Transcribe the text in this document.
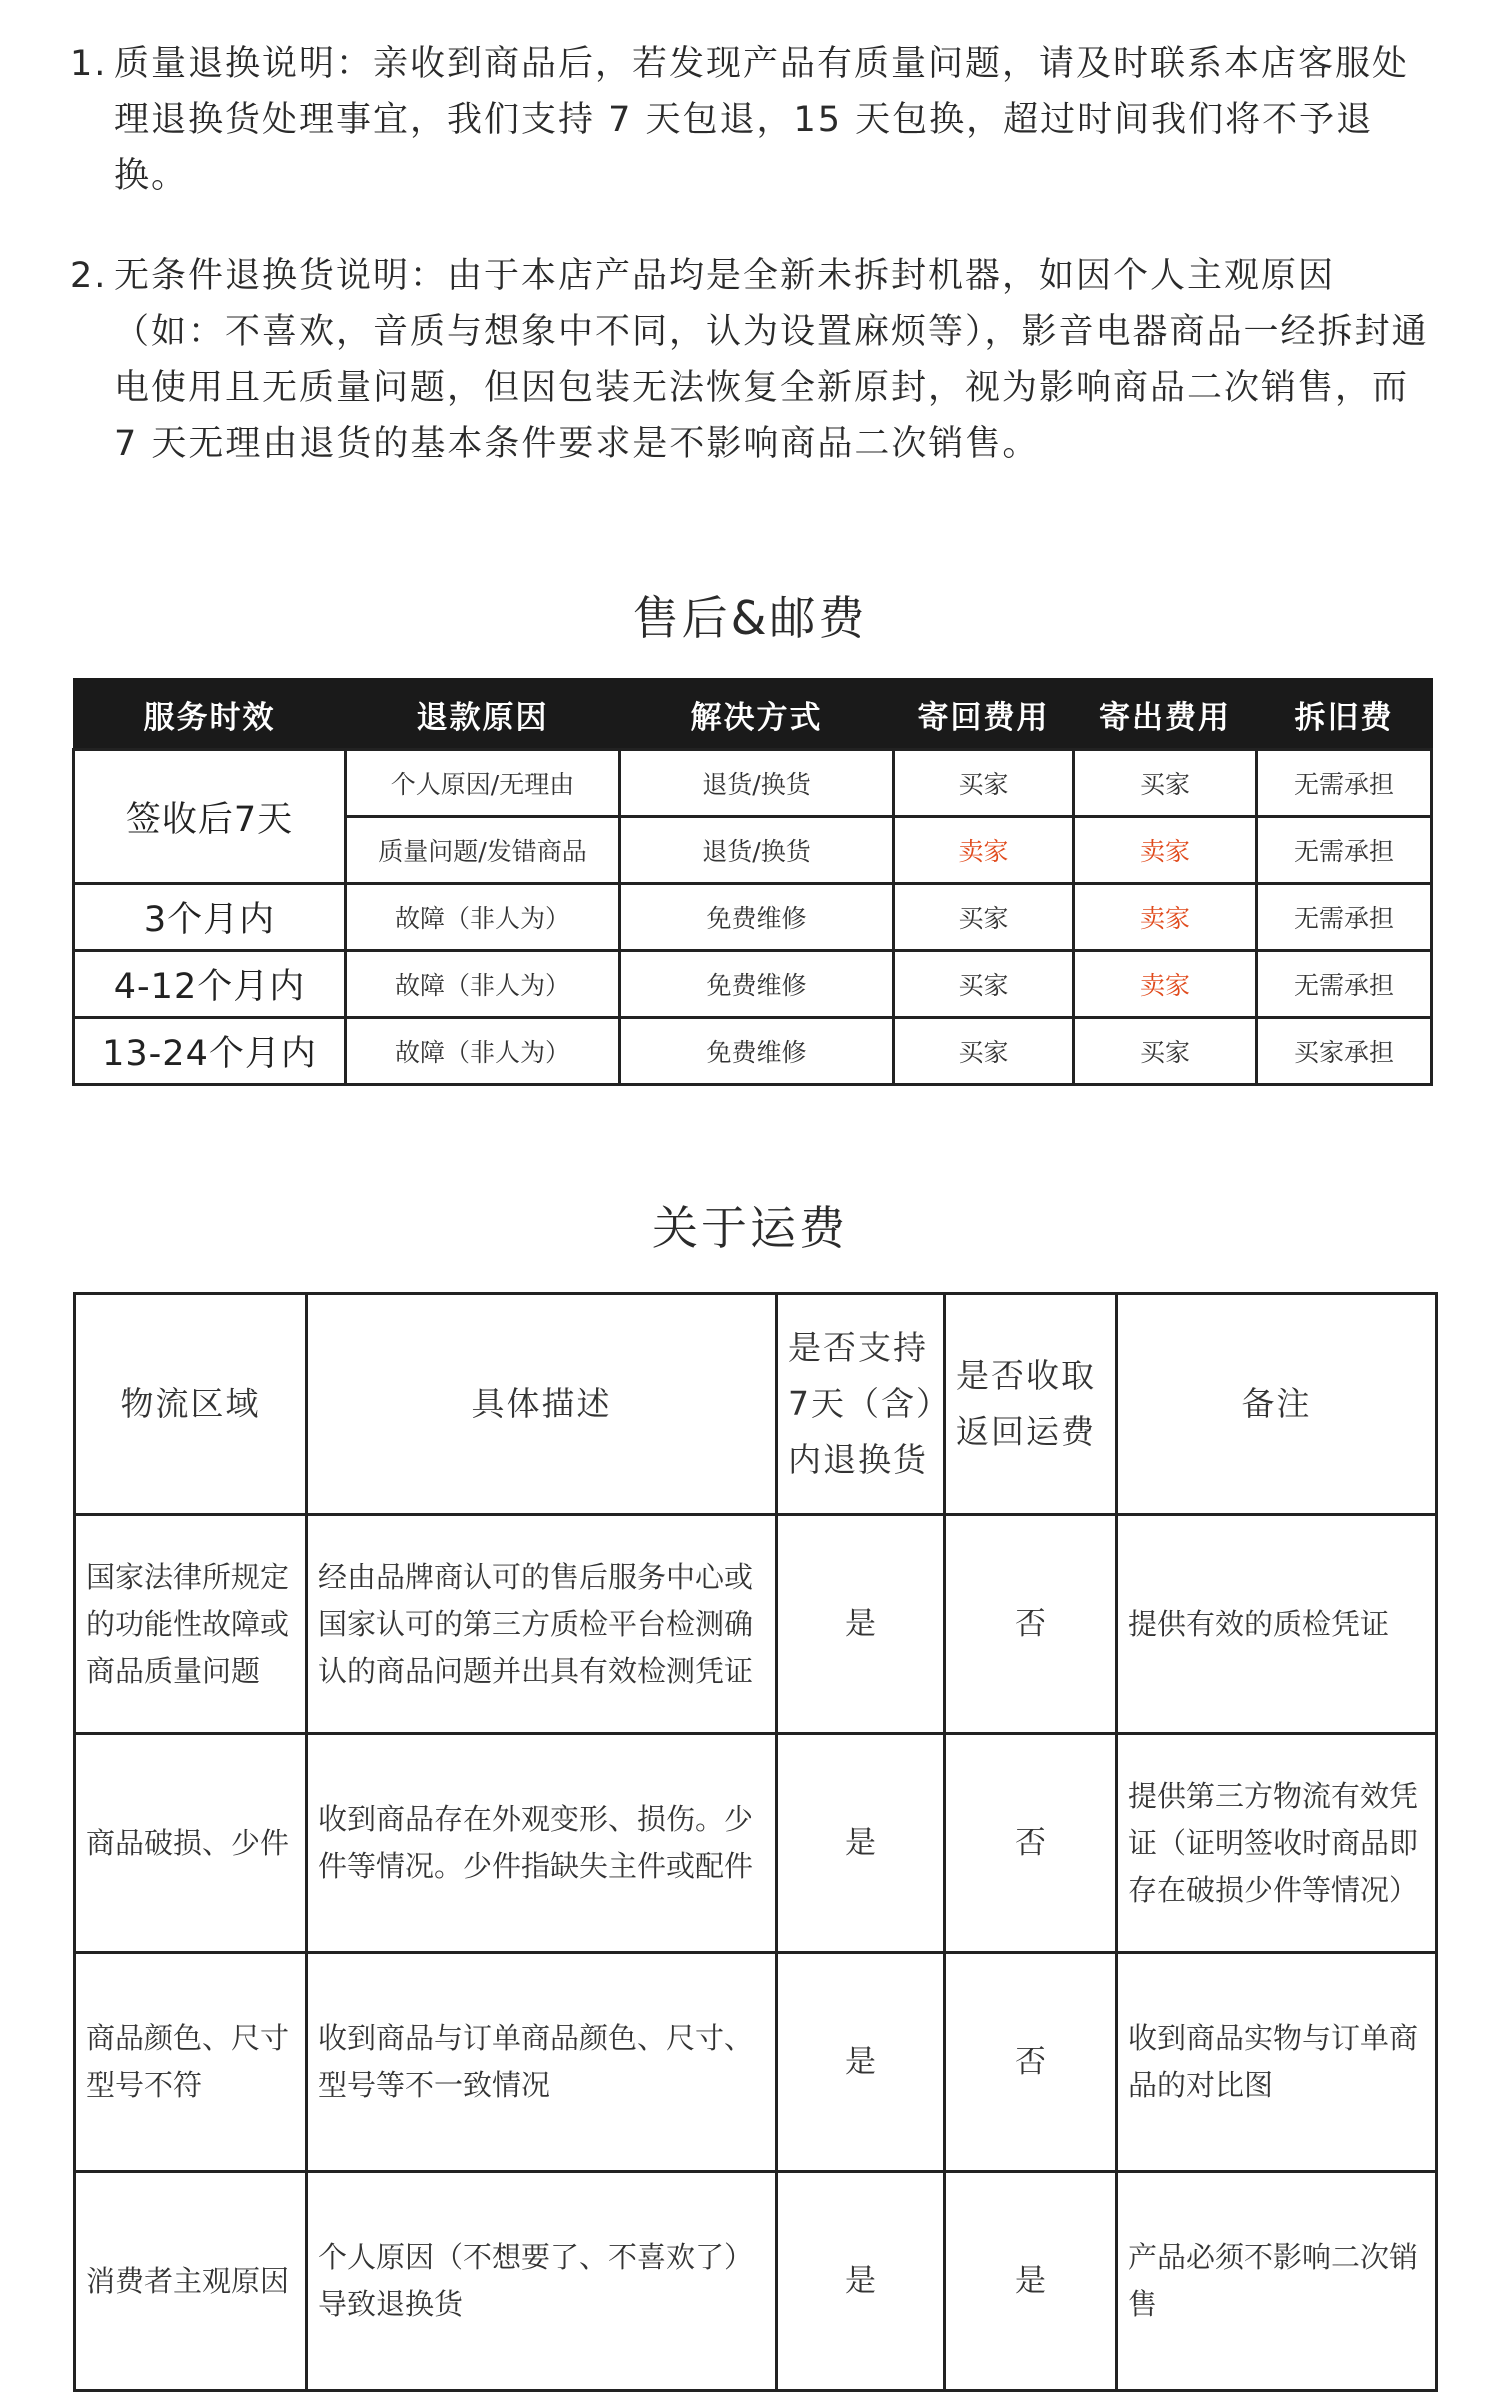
1. 质量退换说明：亲收到商品后，若发现产品有质量问题，请及时联系本店客服处理退换货处理事宜，我们支持 7 天包退，15 天包换，超过时间我们将不予退换。
2. 无条件退换货说明：由于本店产品均是全新未拆封机器，如因个人主观原因（如：不喜欢，音质与想象中不同，认为设置麻烦等），影音电器商品一经拆封通电使用且无质量问题，但因包装无法恢复全新原封，视为影响商品二次销售，而 7 天无理由退货的基本条件要求是不影响商品二次销售。
售后&邮费
服务时效	退款原因	解决方式	寄回费用	寄出费用	拆旧费
签收后7天	个人原因/无理由	退货/换货	买家	买家	无需承担
	质量问题/发错商品	退货/换货	卖家	卖家	无需承担
3个月内	故障（非人为）	免费维修	买家	卖家	无需承担
4-12个月内	故障（非人为）	免费维修	买家	卖家	无需承担
13-24个月内	故障（非人为）	免费维修	买家	买家	买家承担
关于运费
物流区域	具体描述	是否支持7天（含）内退换货	是否收取返回运费	备注
国家法律所规定的功能性故障或商品质量问题	经由品牌商认可的售后服务中心或国家认可的第三方质检平台检测确认的商品问题并出具有效检测凭证	是	否	提供有效的质检凭证
商品破损、少件	收到商品存在外观变形、损伤。少件等情况。少件指缺失主件或配件	是	否	提供第三方物流有效凭证（证明签收时商品即存在破损少件等情况）
商品颜色、尺寸型号不符	收到商品与订单商品颜色、尺寸、型号等不一致情况	是	否	收到商品实物与订单商品的对比图
消费者主观原因	个人原因（不想要了、不喜欢了）导致退换货	是	是	产品必须不影响二次销售
